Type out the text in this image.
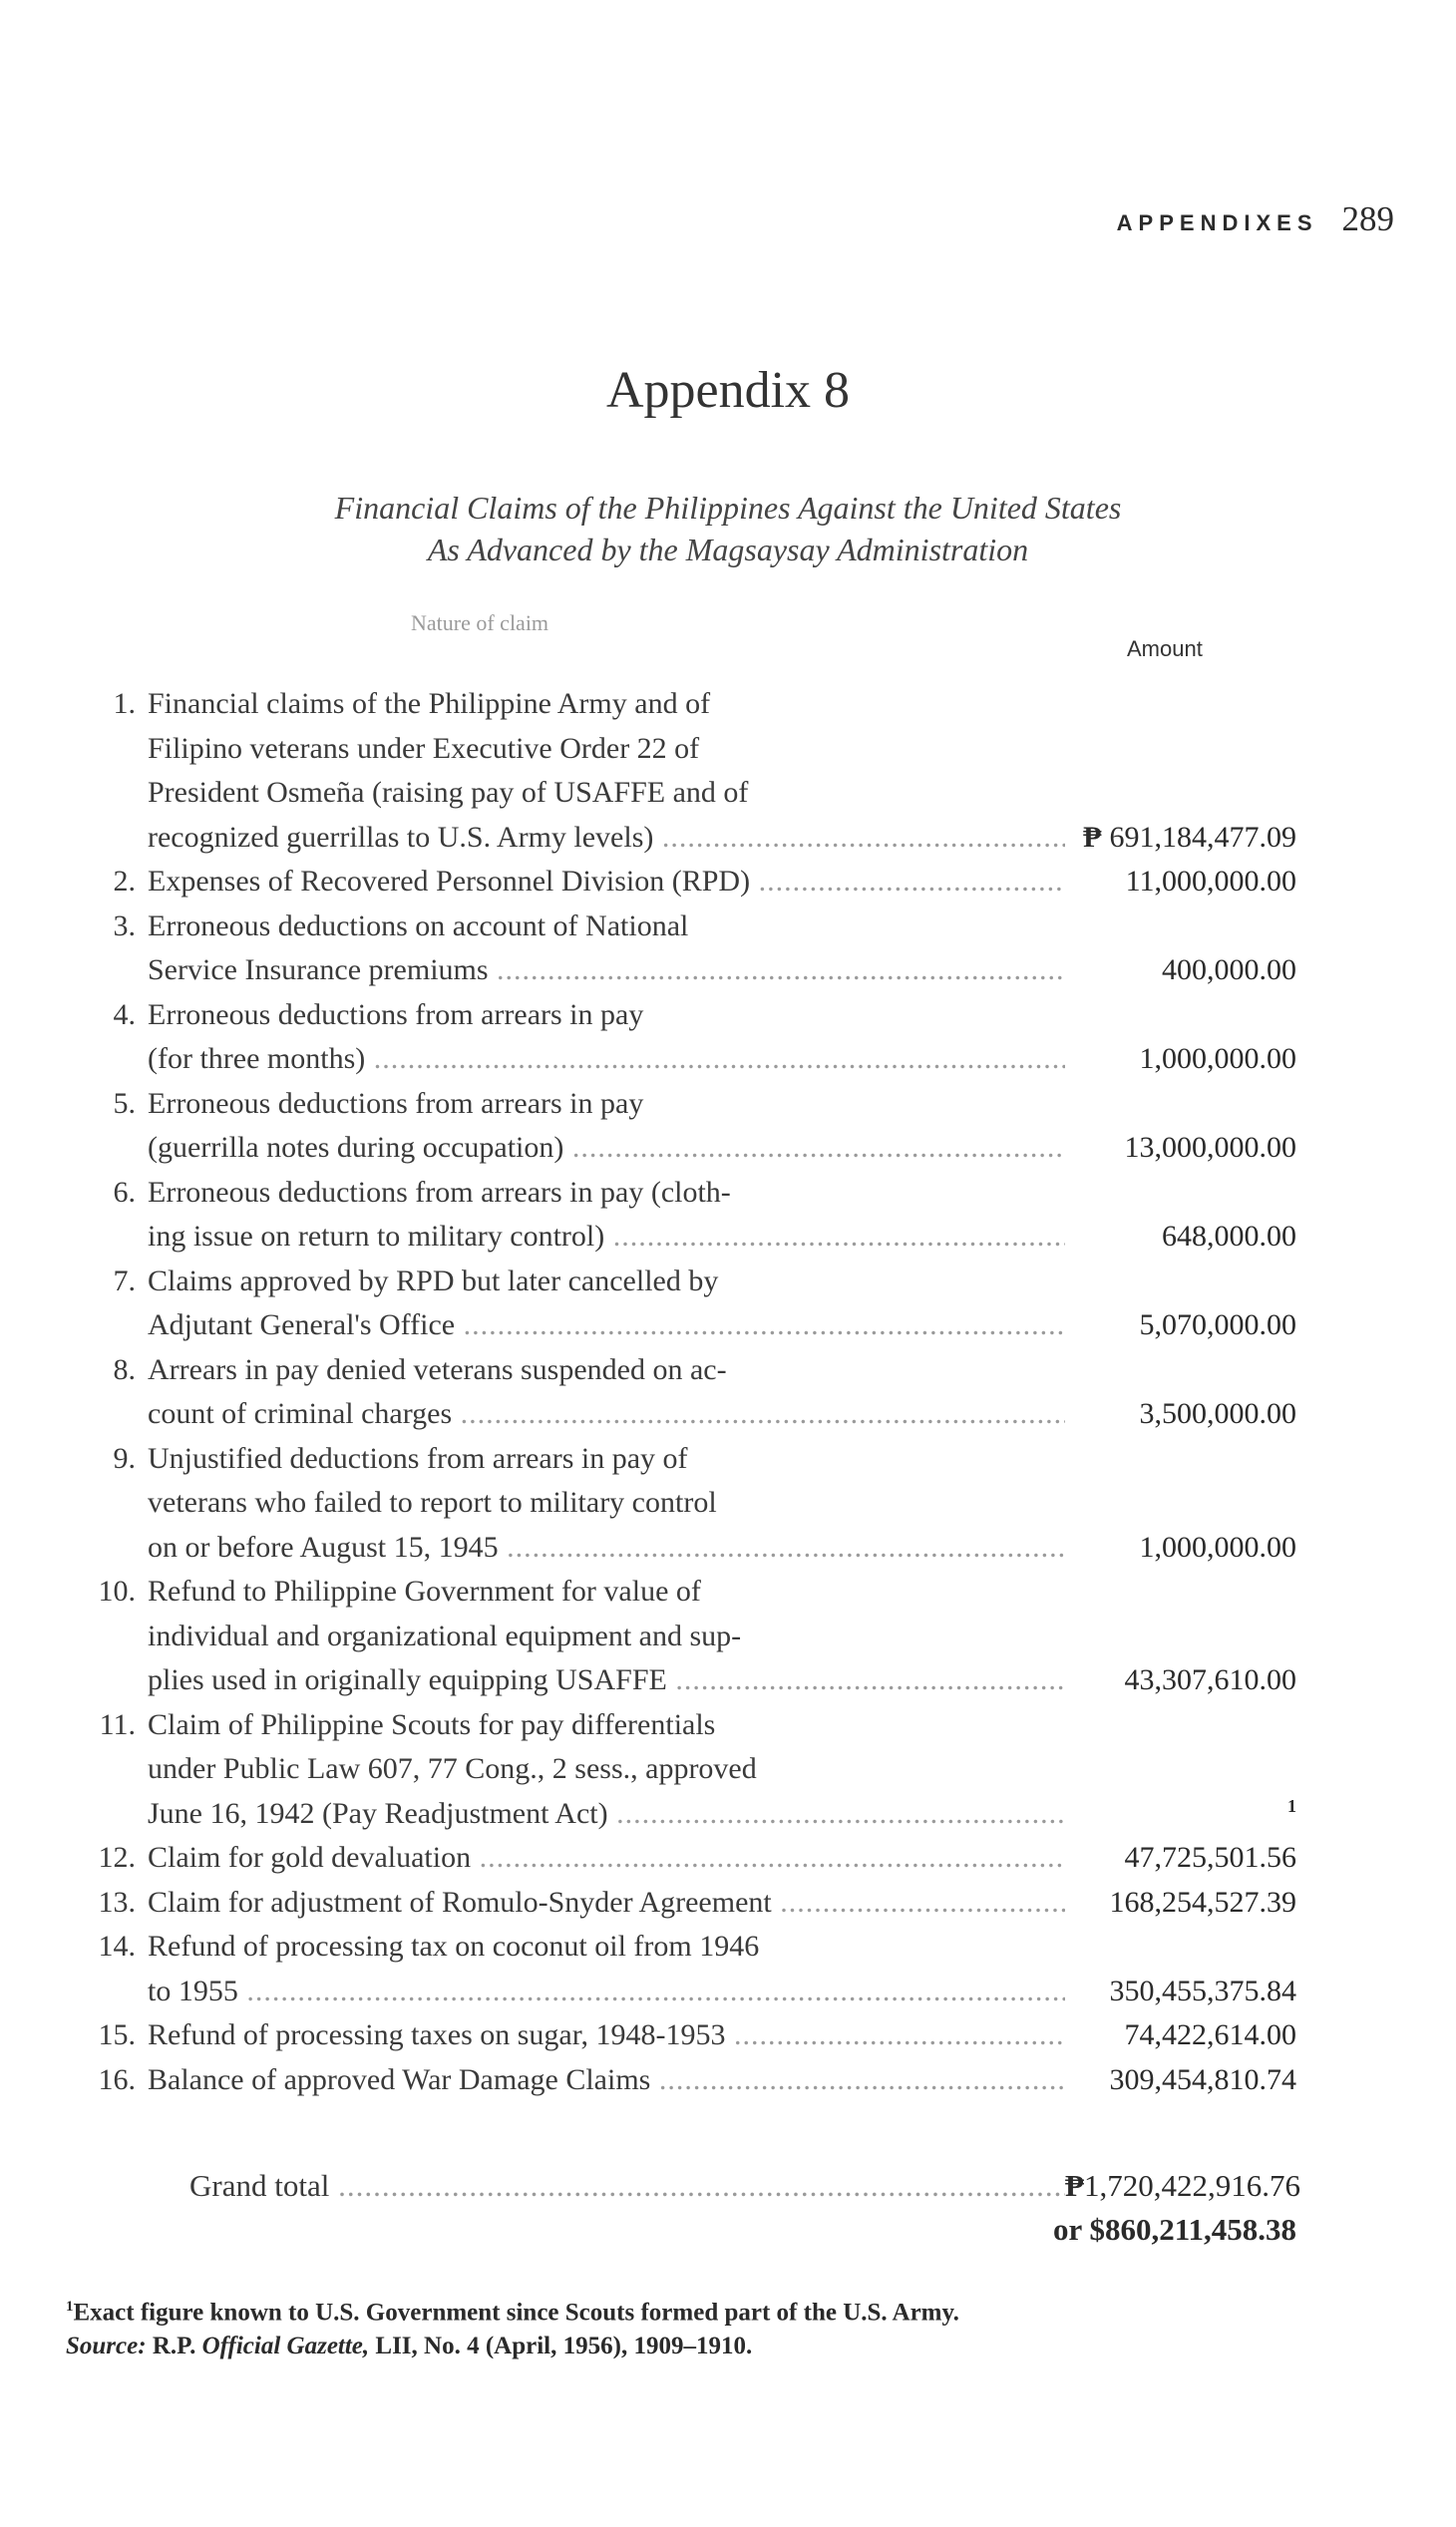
APPENDIXES 289
Appendix 8
Financial Claims of the Philippines Against the United States
As Advanced by the Magsaysay Administration
Nature of claim
Amount
1. Financial claims of the Philippine Army and of
Filipino veterans under Executive Order 22 of
President Osmeña (raising pay of USAFFE and of
recognized guerrillas to U.S. Army levels) .....	₱ 691,184,477.09
2. Expenses of Recovered Personnel Division (RPD) .....	11,000,000.00
3. Erroneous deductions on account of National
Service Insurance premiums .....	400,000.00
4. Erroneous deductions from arrears in pay
(for three months) .....	1,000,000.00
5. Erroneous deductions from arrears in pay
(guerrilla notes during occupation) .....	13,000,000.00
6. Erroneous deductions from arrears in pay (cloth-
ing issue on return to military control) .....	648,000.00
7. Claims approved by RPD but later cancelled by
Adjutant General's Office .....	5,070,000.00
8. Arrears in pay denied veterans suspended on ac-
count of criminal charges .....	3,500,000.00
9. Unjustified deductions from arrears in pay of
veterans who failed to report to military control
on or before August 15, 1945 .....	1,000,000.00
10. Refund to Philippine Government for value of
individual and organizational equipment and sup-
plies used in originally equipping USAFFE .....	43,307,610.00
11. Claim of Philippine Scouts for pay differentials
under Public Law 607, 77 Cong., 2 sess., approved
June 16, 1942 (Pay Readjustment Act) .....	$^1$
12. Claim for gold devaluation .....	47,725,501.56
13. Claim for adjustment of Romulo-Snyder Agreement .....	168,254,527.39
14. Refund of processing tax on coconut oil from 1946
to 1955 .....	350,455,375.84
15. Refund of processing taxes on sugar, 1948-1953 .....	74,422,614.00
16. Balance of approved War Damage Claims .....	309,454,810.74
Grand total .....	₱1,720,422,916.76
or $860,211,458.38
$^1$Exact figure known to U.S. Government since Scouts formed part of the U.S. Army.
Source: R.P. Official Gazette, LII, No. 4 (April, 1956), 1909–1910.
